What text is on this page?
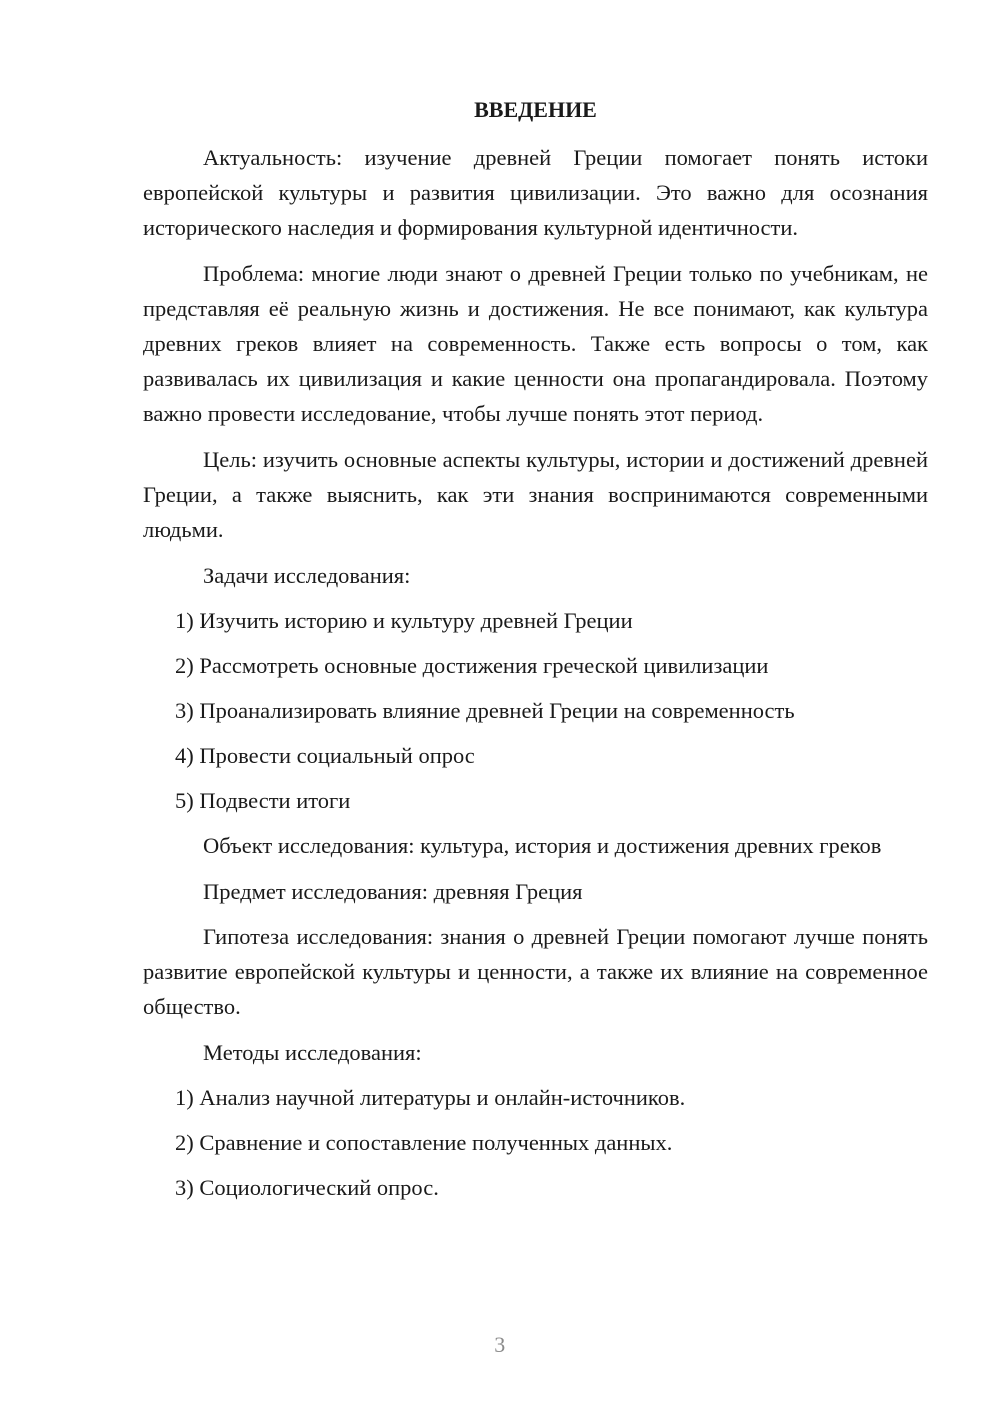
ВВЕДЕНИЕ

Актуальность: изучение древней Греции помогает понять истоки европейской культуры и развития цивилизации. Это важно для осознания исторического наследия и формирования культурной идентичности.

Проблема: многие люди знают о древней Греции только по учебникам, не представляя её реальную жизнь и достижения. Не все понимают, как культура древних греков влияет на современность. Также есть вопросы о том, как развивалась их цивилизация и какие ценности она пропагандировала. Поэтому важно провести исследование, чтобы лучше понять этот период.

Цель: изучить основные аспекты культуры, истории и достижений древней Греции, а также выяснить, как эти знания воспринимаются современными людьми.

Задачи исследования:

1) Изучить историю и культуру древней Греции
2) Рассмотреть основные достижения греческой цивилизации
3) Проанализировать влияние древней Греции на современность
4) Провести социальный опрос
5) Подвести итоги

Объект исследования: культура, история и достижения древних греков

Предмет исследования: древняя Греция

Гипотеза исследования: знания о древней Греции помогают лучше понять развитие европейской культуры и ценности, а также их влияние на современное общество.

Методы исследования:

1) Анализ научной литературы и онлайн-источников.
2) Сравнение и сопоставление полученных данных.
3) Социологический опрос.
3
